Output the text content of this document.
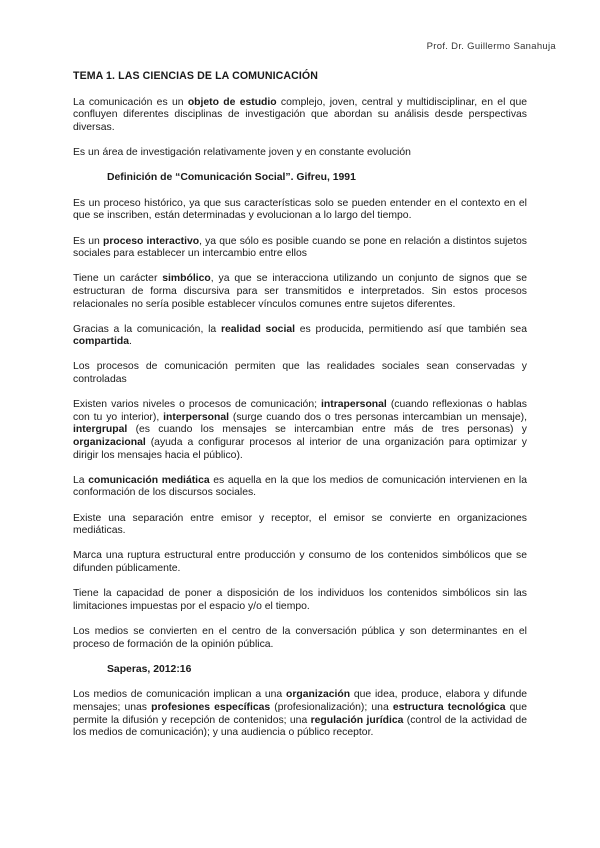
Prof. Dr. Guillermo Sanahuja
TEMA 1. LAS CIENCIAS DE LA COMUNICACIÓN

La comunicación es un objeto de estudio complejo, joven, central y multidisciplinar, en el que confluyen diferentes disciplinas de investigación que abordan su análisis desde perspectivas diversas.

Es un área de investigación relativamente joven y en constante evolución

Definición de “Comunicación Social”. Gifreu, 1991

Es un proceso histórico, ya que sus características solo se pueden entender en el contexto en el que se inscriben, están determinadas y evolucionan a lo largo del tiempo.

Es un proceso interactivo, ya que sólo es posible cuando se pone en relación a distintos sujetos sociales para establecer un intercambio entre ellos

Tiene un carácter simbólico, ya que se interacciona utilizando un conjunto de signos que se estructuran de forma discursiva para ser transmitidos e interpretados. Sin estos procesos relacionales no sería posible establecer vínculos comunes entre sujetos diferentes.

Gracias a la comunicación, la realidad social es producida, permitiendo así que también sea compartida.

Los procesos de comunicación permiten que las realidades sociales sean conservadas y controladas

Existen varios niveles o procesos de comunicación; intrapersonal (cuando reflexionas o hablas con tu yo interior), interpersonal (surge cuando dos o tres personas intercambian un mensaje), intergrupal (es cuando los mensajes se intercambian entre más de tres personas) y organizacional (ayuda a configurar procesos al interior de una organización para optimizar y dirigir los mensajes hacia el público).

La comunicación mediática es aquella en la que los medios de comunicación intervienen en la conformación de los discursos sociales.

Existe una separación entre emisor y receptor, el emisor se convierte en organizaciones mediáticas.

Marca una ruptura estructural entre producción y consumo de los contenidos simbólicos que se difunden públicamente.

Tiene la capacidad de poner a disposición de los individuos los contenidos simbólicos sin las limitaciones impuestas por el espacio y/o el tiempo.

Los medios se convierten en el centro de la conversación pública y son determinantes en el proceso de formación de la opinión pública.

Saperas, 2012:16

Los medios de comunicación implican a una organización que idea, produce, elabora y difunde mensajes; unas profesiones específicas (profesionalización); una estructura tecnológica que permite la difusión y recepción de contenidos; una regulación jurídica (control de la actividad de los medios de comunicación); y una audiencia o público receptor.
